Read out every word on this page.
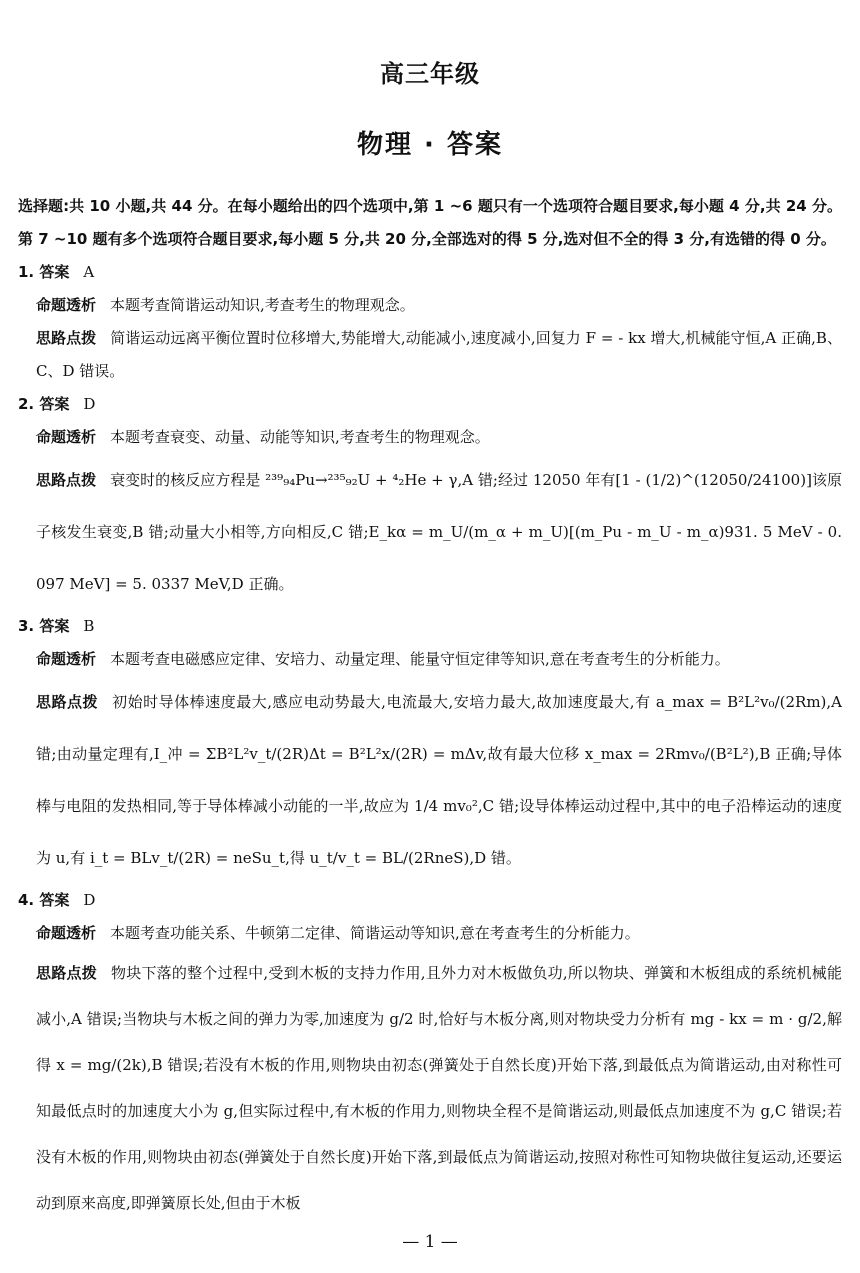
高三年级
物理 · 答案
选择题:共 10 小题,共 44 分。在每小题给出的四个选项中,第 1 ~6 题只有一个选项符合题目要求,每小题 4 分,共 24 分。第 7 ~10 题有多个选项符合题目要求,每小题 5 分,共 20 分,全部选对的得 5 分,选对但不全的得 3 分,有选错的得 0 分。
1. 答案 A
命题透析 本题考查简谐运动知识,考查考生的物理观念。
思路点拨 简谐运动远离平衡位置时位移增大,势能增大,动能减小,速度减小,回复力 F = - kx 增大,机械能守恒,A 正确,B、C、D 错误。
2. 答案 D
命题透析 本题考查衰变、动量、动能等知识,考查考生的物理观念。
思路点拨 衰变时的核反应方程是 ²³⁹₉₄Pu→²³⁵₉₂U + ⁴₂He + γ,A 错;经过 12050 年有[1 - (1/2)^(12050/24100)]该原子核发生衰变,B 错;动量大小相等,方向相反,C 错;E_kα = m_U/(m_α + m_U)[(m_Pu - m_U - m_α)931. 5 MeV - 0. 097 MeV] = 5. 0337 MeV,D 正确。
3. 答案 B
命题透析 本题考查电磁感应定律、安培力、动量定理、能量守恒定律等知识,意在考查考生的分析能力。
思路点拨 初始时导体棒速度最大,感应电动势最大,电流最大,安培力最大,故加速度最大,有 a_max = B²L²v₀/(2Rm),A 错;由动量定理有,I_冲 = ΣB²L²v_t/(2R)Δt = B²L²x/(2R) = mΔv,故有最大位移 x_max = 2Rmv₀/(B²L²),B 正确;导体棒与电阻的发热相同,等于导体棒减小动能的一半,故应为 1/4 mv₀²,C 错;设导体棒运动过程中,其中的电子沿棒运动的速度为 u,有 i_t = BLv_t/(2R) = neSu_t,得 u_t/v_t = BL/(2RneS),D 错。
4. 答案 D
命题透析 本题考查功能关系、牛顿第二定律、简谐运动等知识,意在考查考生的分析能力。
思路点拨 物块下落的整个过程中,受到木板的支持力作用,且外力对木板做负功,所以物块、弹簧和木板组成的系统机械能减小,A 错误;当物块与木板之间的弹力为零,加速度为 g/2 时,恰好与木板分离,则对物块受力分析有 mg - kx = m · g/2,解得 x = mg/(2k),B 错误;若没有木板的作用,则物块由初态(弹簧处于自然长度)开始下落,到最低点为简谐运动,由对称性可知最低点时的加速度大小为 g,但实际过程中,有木板的作用力,则物块全程不是简谐运动,则最低点加速度不为 g,C 错误;若没有木板的作用,则物块由初态(弹簧处于自然长度)开始下落,到最低点为简谐运动,按照对称性可知物块做往复运动,还要运动到原来高度,即弹簧原长处,但由于木板
— 1 —
